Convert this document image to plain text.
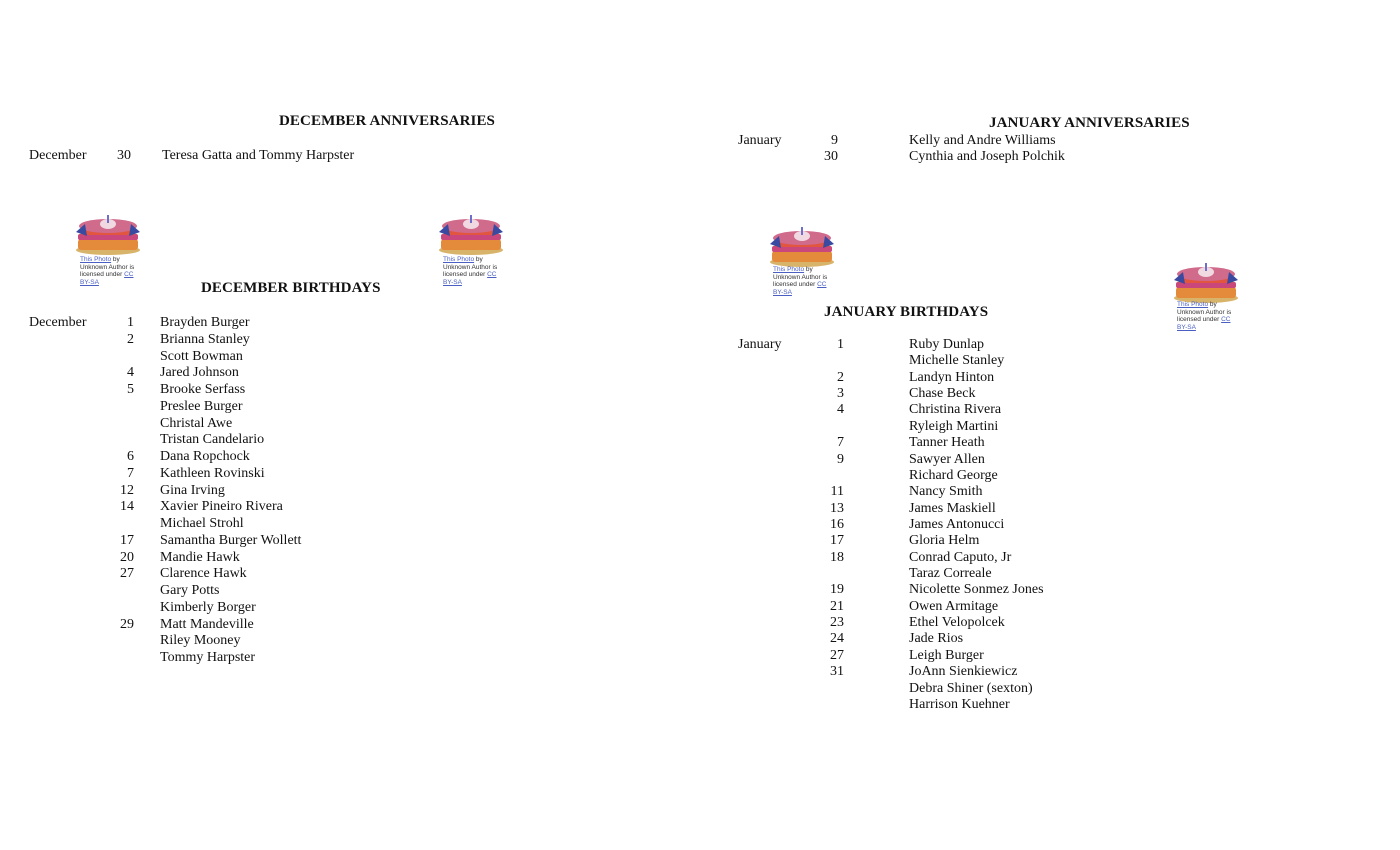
DECEMBER ANNIVERSARIES
December 30 Teresa Gatta and Tommy Harpster
JANUARY ANNIVERSARIES
January	9	Kelly and Andre Williams
30	Cynthia and Joseph Polchik
This Photo by Unknown Author is licensed under CC BY-SA
This Photo by Unknown Author is licensed under CC BY-SA
This Photo by Unknown Author is licensed under CC BY-SA
This Photo by Unknown Author is licensed under CC BY-SA
DECEMBER BIRTHDAYS
December	1 Brayden Burger
2 Brianna Stanley
Scott Bowman
4 Jared Johnson
5 Brooke Serfass
Preslee Burger
Christal Awe
Tristan Candelario
6 Dana Ropchock
7 Kathleen Rovinski
12 Gina Irving
14 Xavier Pineiro Rivera
Michael Strohl
17 Samantha Burger Wollett
20 Mandie Hawk
27 Clarence Hawk
Gary Potts
Kimberly Borger
29 Matt Mandeville
Riley Mooney
Tommy Harpster
JANUARY BIRTHDAYS
January	1	Ruby Dunlap
Michelle Stanley
2	Landyn Hinton
3	Chase Beck
4	Christina Rivera
Ryleigh Martini
7	Tanner Heath
9	Sawyer Allen
Richard George
11	Nancy Smith
13	James Maskiell
16	James Antonucci
17	Gloria Helm
18	Conrad Caputo, Jr
Taraz Correale
19	Nicolette Sonmez Jones
21	Owen Armitage
23	Ethel Velopolcek
24	Jade Rios
27	Leigh Burger
31	JoAnn Sienkiewicz
Debra Shiner (sexton)
Harrison Kuehner
